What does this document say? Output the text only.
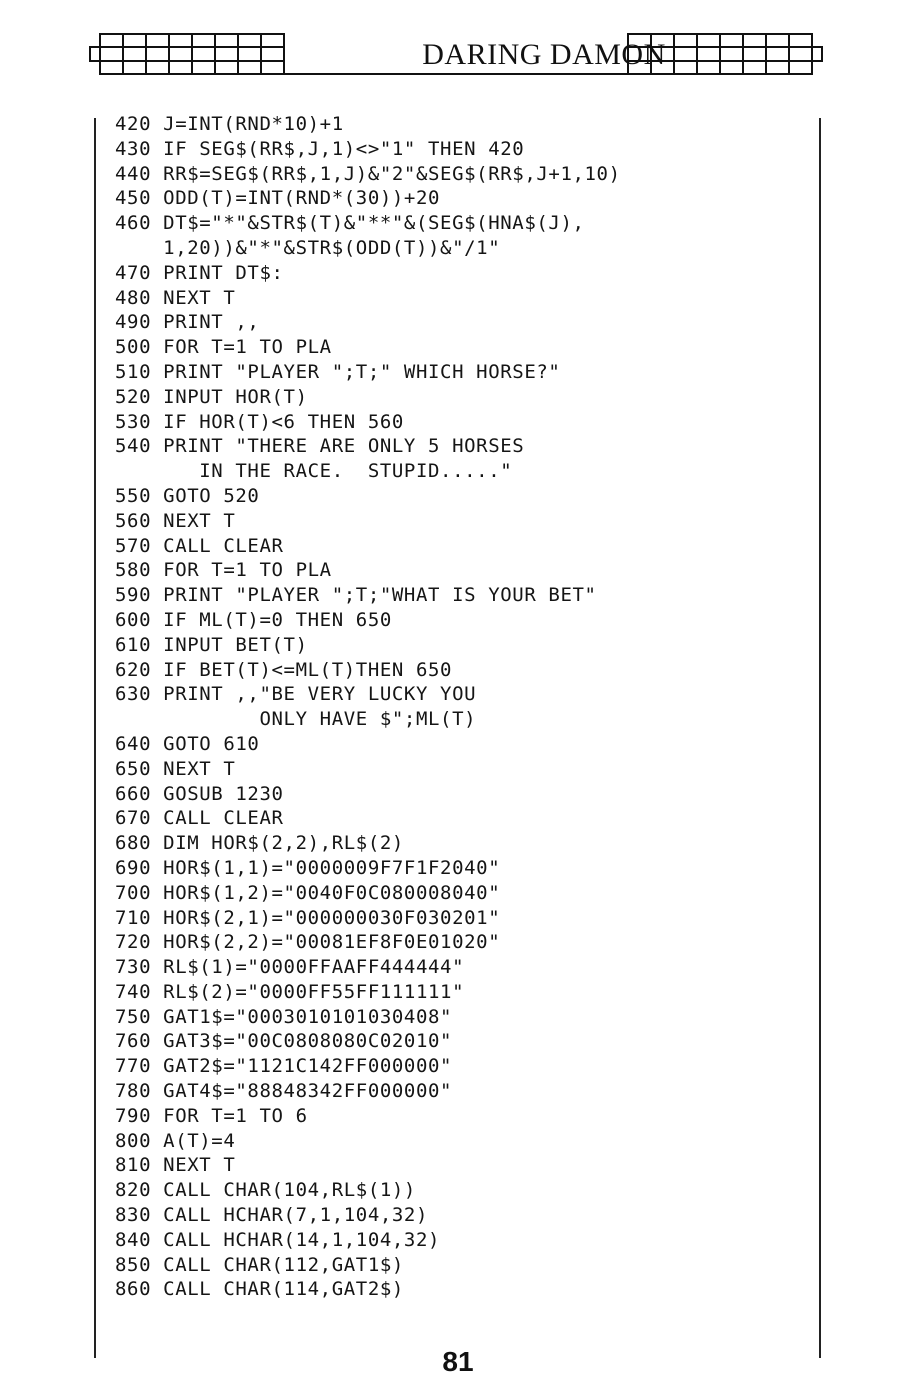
DARING DAMON
420 J=INT(RND*10)+1
430 IF SEG$(RR$,J,1)<>"1" THEN 420
440 RR$=SEG$(RR$,1,J)&"2"&SEG$(RR$,J+1,10)
450 ODD(T)=INT(RND*(30))+20
460 DT$="*"&STR$(T)&"**"&(SEG$(HNA$(J),
1,20))&"*"&STR$(ODD(T))&"/1"
470 PRINT DT$:
480 NEXT T
490 PRINT ,,
500 FOR T=1 TO PLA
510 PRINT "PLAYER ";T;" WHICH HORSE?"
520 INPUT HOR(T)
530 IF HOR(T)<6 THEN 560
540 PRINT "THERE ARE ONLY 5 HORSES
IN THE RACE.  STUPID....."
550 GOTO 520
560 NEXT T
570 CALL CLEAR
580 FOR T=1 TO PLA
590 PRINT "PLAYER ";T;"WHAT IS YOUR BET"
600 IF ML(T)=0 THEN 650
610 INPUT BET(T)
620 IF BET(T)<=ML(T)THEN 650
630 PRINT ,,"BE VERY LUCKY YOU
ONLY HAVE $";ML(T)
640 GOTO 610
650 NEXT T
660 GOSUB 1230
670 CALL CLEAR
680 DIM HOR$(2,2),RL$(2)
690 HOR$(1,1)="0000009F7F1F2040"
700 HOR$(1,2)="0040F0C080008040"
710 HOR$(2,1)="000000030F030201"
720 HOR$(2,2)="00081EF8F0E01020"
730 RL$(1)="0000FFAAFF444444"
740 RL$(2)="0000FF55FF111111"
750 GAT1$="0003010101030408"
760 GAT3$="00C0808080C02010"
770 GAT2$="1121C142FF000000"
780 GAT4$="88848342FF000000"
790 FOR T=1 TO 6
800 A(T)=4
810 NEXT T
820 CALL CHAR(104,RL$(1))
830 CALL HCHAR(7,1,104,32)
840 CALL HCHAR(14,1,104,32)
850 CALL CHAR(112,GAT1$)
860 CALL CHAR(114,GAT2$)
81
